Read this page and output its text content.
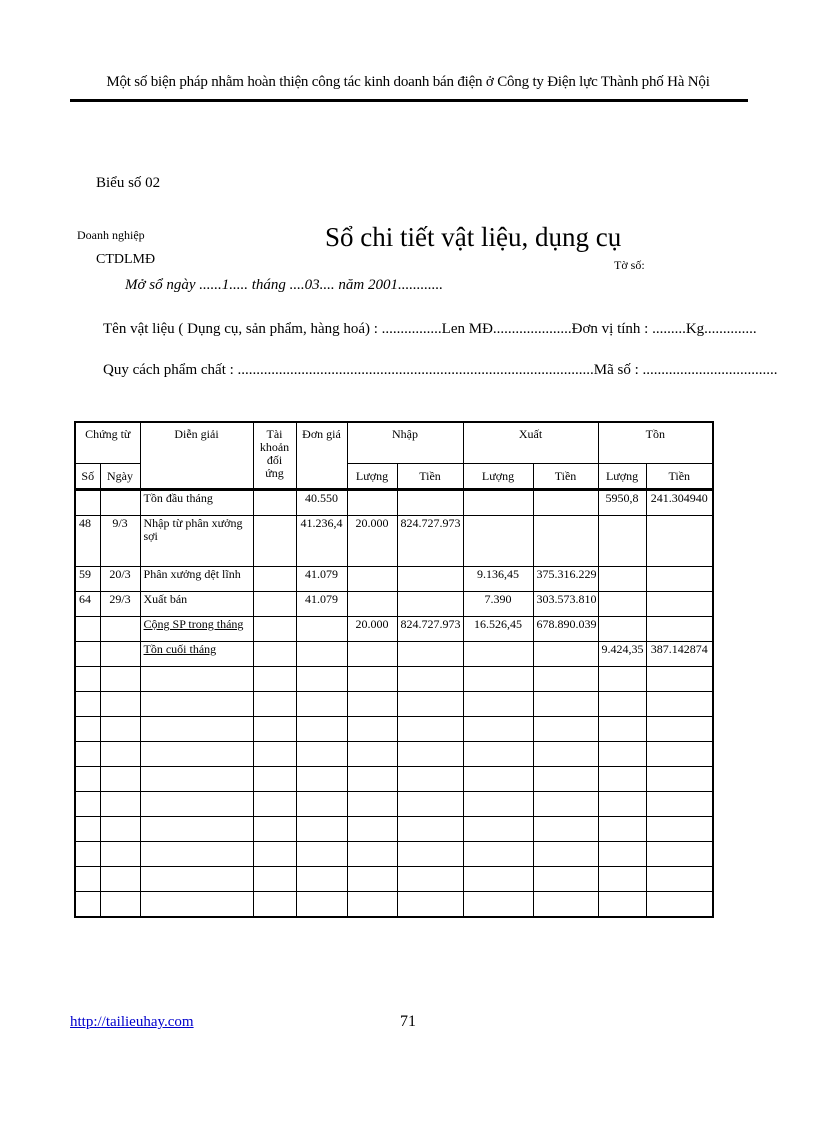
Một số biện pháp nhằm hoàn thiện công tác kinh doanh bán điện ở Công ty Điện lực Thành phố Hà Nội
Biểu số 02
Doanh nghiệp
CTDLMĐ
Sổ chi tiết vật liệu, dụng cụ
Tờ số:
Mở sổ ngày ......1..... tháng ....03.... năm 2001............
Tên vật liệu ( Dụng cụ, sản phẩm, hàng hoá) : ................Len MĐ.....................Đơn vị tính : .........Kg..............
Quy cách phẩm chất : ...............................................................................................Mã số : ....................................
Chứng từ		Diễn giải	Tài khoản đối ứng	Đơn giá	Nhập		Xuất		Tồn	
Số	Ngày				Lượng	Tiền	Lượng	Tiền	Lượng	Tiền
		Tồn đầu tháng		40.550					5950,8	241.304940
48	9/3	Nhập từ phân xưởng sợi		41.236,4	20.000	824.727.973				
59	20/3	Phân xưởng dệt lĩnh		41.079			9.136,45	375.316.229		
64	29/3	Xuất bán		41.079			7.390	303.573.810		
		Cộng SP trong tháng			20.000	824.727.973	16.526,45	678.890.039		
		Tồn cuối tháng							9.424,35	387.142874

http://tailieuhay.com	71
